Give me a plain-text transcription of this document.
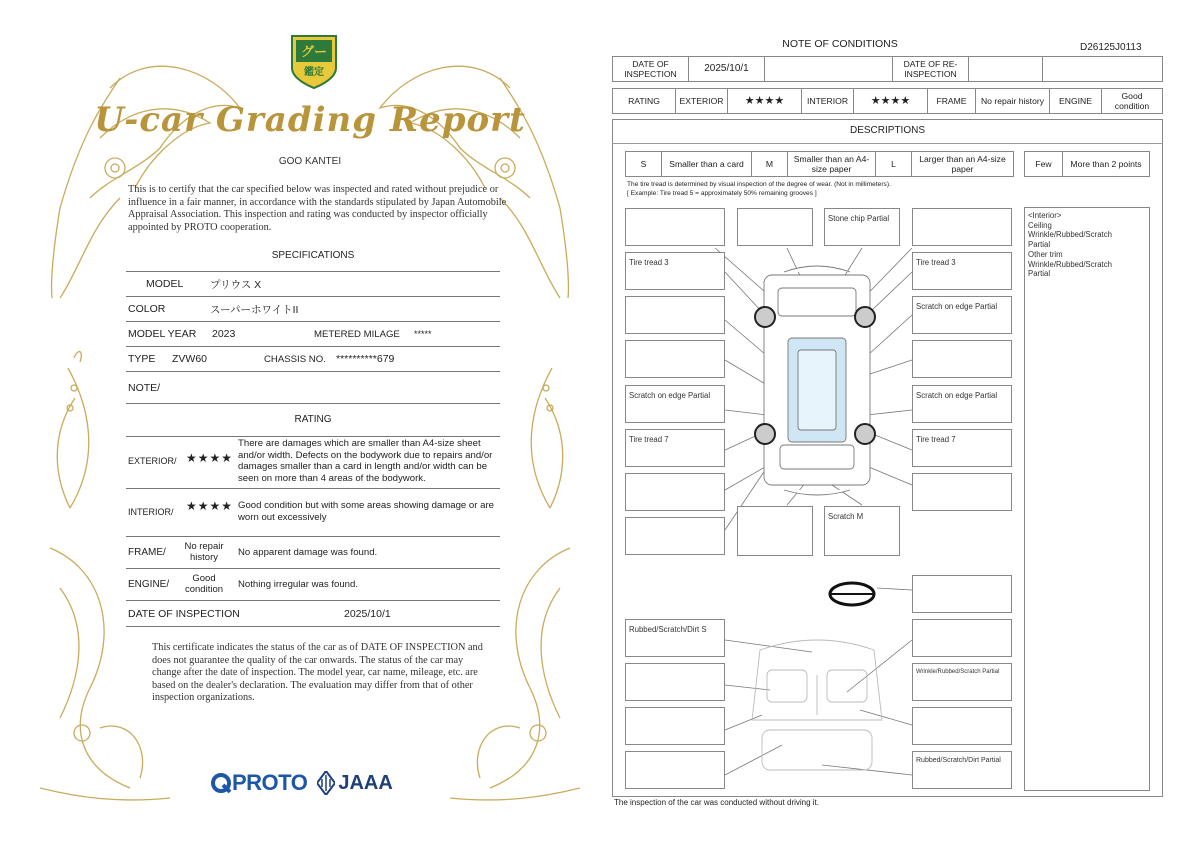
グー
鑑定
U-car Grading Report
GOO KANTEI
This is to certify that the car specified below was inspected and rated without prejudice or influence in a fair manner, in accordance with the standards stipulated by Japan Automobile Appraisal Association. This inspection and rating was conducted by inspector officially appointed by PROTO cooperation.
SPECIFICATIONS
MODEL	プリウス X
COLOR	スーパーホワイトII
MODEL YEAR	2023	METERED MILAGE	*****
TYPE	ZVW60	CHASSIS NO. **********679
NOTE/
RATING
EXTERIOR/ ★★★★
There are damages which are smaller than A4-size sheet and/or width. Defects on the bodywork due to repairs and/or damages smaller than a card in length and/or width can be seen on more than 4 areas of the bodywork.
INTERIOR/ ★★★★ Good condition but with some areas showing damage or are worn out excessively
FRAME/
No repair history	No apparent damage was found.
ENGINE/
Good condition	Nothing irregular was found.
DATE OF INSPECTION	2025/10/1
This certificate indicates the status of the car as of DATE OF INSPECTION and does not guarantee the quality of the car onwards. The status of the car may change after the date of inspection. The model year, car name, mileage, etc. are based on the dealer's declaration. The evaluation may differ from that of other inspection organizations.
PROTO JAAA
NOTE OF CONDITIONS	D26125J0113
DATE OF INSPECTION	2025/10/1		DATE OF RE-INSPECTION		
RATING	EXTERIOR	★★★★	INTERIOR	★★★★	FRAME	No repair history	ENGINE	Good condition
DESCRIPTIONS
S	Smaller than a card	M	Smaller than an A4-size paper	L	Larger than an A4-size paper	Few	More than 2 points
The tire tread is determined by visual inspection of the degree of wear. (Not in millimeters).
[ Example: Tire tread 5 = approximately 50% remaining grooves ]
Tire tread 3
Scratch on edge Partial
Tire tread 7
Stone chip Partial
Tire tread 3
Scratch on edge Partial
Scratch on edge Partial
Tire tread 7
Scratch M
Rubbed/Scratch/Dirt S
Wrinkle/Rubbed/Scratch Partial
Rubbed/Scratch/Dirt Partial
<Interior>
Ceiling
Wrinkle/Rubbed/Scratch
Partial
Other trim
Wrinkle/Rubbed/Scratch
Partial
The inspection of the car was conducted without driving it.
